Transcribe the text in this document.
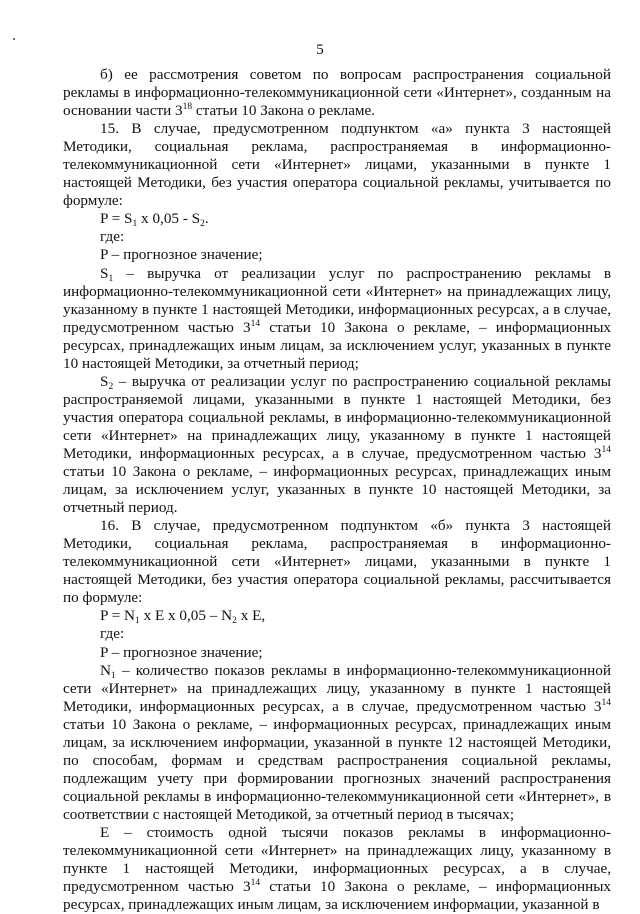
5

б) ее рассмотрения советом по вопросам распространения социальной рекламы в информационно-телекоммуникационной сети «Интернет», созданным на основании части $3^{18}$ статьи 10 Закона о рекламе.

15. В случае, предусмотренном подпунктом «а» пункта 3 настоящей Методики, социальная реклама, распространяемая в информационно-телекоммуникационной сети «Интернет» лицами, указанными в пункте 1 настоящей Методики, без участия оператора социальной рекламы, учитывается по формуле:

$P = S_1$ x $0,05 - S_2$.

где:

P – прогнозное значение;

$S_1$ – выручка от реализации услуг по распространению рекламы в информационно-телекоммуникационной сети «Интернет» на принадлежащих лицу, указанному в пункте 1 настоящей Методики, информационных ресурсах, а в случае, предусмотренном частью $3^{14}$ статьи 10 Закона о рекламе, – информационных ресурсах, принадлежащих иным лицам, за исключением услуг, указанных в пункте 10 настоящей Методики, за отчетный период;

$S_2$ – выручка от реализации услуг по распространению социальной рекламы распространяемой лицами, указанными в пункте 1 настоящей Методики, без участия оператора социальной рекламы, в информационно-телекоммуникационной сети «Интернет» на принадлежащих лицу, указанному в пункте 1 настоящей Методики, информационных ресурсах, а в случае, предусмотренном частью $3^{14}$ статьи 10 Закона о рекламе, – информационных ресурсах, принадлежащих иным лицам, за исключением услуг, указанных в пункте 10 настоящей Методики, за отчетный период.

16. В случае, предусмотренном подпунктом «б» пункта 3 настоящей Методики, социальная реклама, распространяемая в информационно-телекоммуникационной сети «Интернет» лицами, указанными в пункте 1 настоящей Методики, без участия оператора социальной рекламы, рассчитывается по формуле:

$P = N_1$ x E x $0,05 - N_2$ x E,

где:

P – прогнозное значение;

$N_1$ – количество показов рекламы в информационно-телекоммуникационной сети «Интернет» на принадлежащих лицу, указанному в пункте 1 настоящей Методики, информационных ресурсах, а в случае, предусмотренном частью $3^{14}$ статьи 10 Закона о рекламе, – информационных ресурсах, принадлежащих иным лицам, за исключением информации, указанной в пункте 12 настоящей Методики, по способам, формам и средствам распространения социальной рекламы, подлежащим учету при формировании прогнозных значений распространения социальной рекламы в информационно-телекоммуникационной сети «Интернет», в соответствии с настоящей Методикой, за отчетный период в тысячах;

E – стоимость одной тысячи показов рекламы в информационно-телекоммуникационной сети «Интернет» на принадлежащих лицу, указанному в пункте 1 настоящей Методики, информационных ресурсах, а в случае, предусмотренном частью $3^{14}$ статьи 10 Закона о рекламе, – информационных ресурсах, принадлежащих иным лицам, за исключением информации, указанной в
